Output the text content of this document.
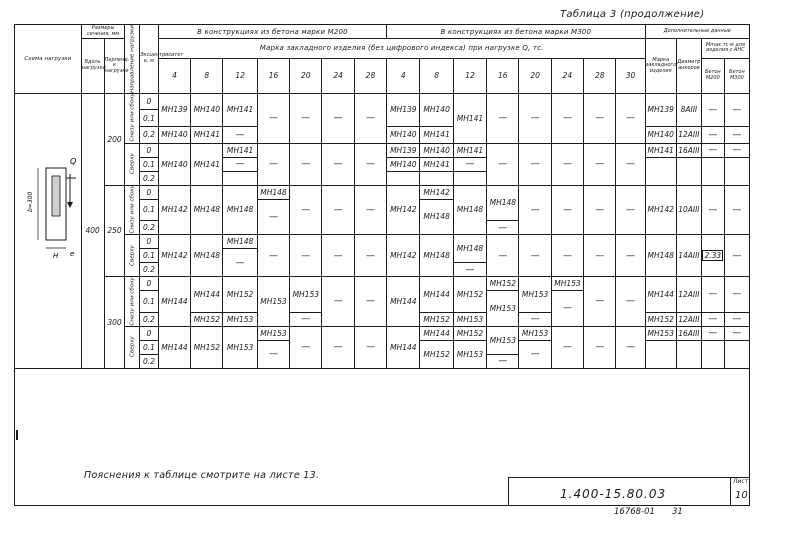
Таблица 3 (продолжение)
Схема нагрузки	Размеры сечения, мм		Направление нагрузки	Эксцентриситет е, м	В конструкциях из бетона марки М200							В конструкциях из бетона марки М300								Дополнительные данные			
	Вдоль нагрузки	Перпенд. к нагрузке			Марка закладного изделия (без цифрового индекса) при нагрузке Q, тс.															Марка закладного изделия	Диаметр анкеров	Mmax тс·м для изделия с АНС	
					4	8	12	16	20	24	28	4	8	12	16	20	24	28	30			Бетон М200	Бетон М300
	400	200	Снизу или сбоку	0	МН139	МН140	МН141	—	—	—	—	МН139	МН140	МН141	—	—	—	—	—	МН139	8АIII	—	—
				0.1																			
				0.2	МН140	МН141	—					МН140	МН141							МН140	12АIII	—	—
			Сверху	0	МН140	МН141	МН141	—	—	—	—	МН139	МН140	МН141	—	—	—	—	—	МН141	16АIII	—	—
				0.1			—					МН140	МН141	—									
				0.2																			
		250	Снизу или сбоку	0	МН142	МН148	МН148	МН148	—	—	—	МН142	МН142	МН148	МН148	—	—	—	—	МН142	10АIII	—	—
				0.1				—					МН148										
				0.2											—								
			Сверху	0	МН142	МН148	МН148	—	—	—	—	МН142	МН148	МН148	—	—	—	—	—	МН148	14АIII	2.33	—
				0.1			—																
				0.2										—									
		300	Снизу или сбоку	0	МН144	МН144	МН152	МН153	МН153	—	—	МН144	МН144	МН152	МН152	МН153	МН153	—	—	МН144	12АIII	—	—
				0.1											МН153		—						
				0.2		МН152	МН153		—				МН152	МН153		—				МН152	12АIII	—	—
			Сверху	0	МН144	МН152	МН153	МН153	—	—	—	МН144	МН144	МН152	МН153	МН153	—	—	—	МН153	16АIII	—	—
				0.1				—					МН152	МН153		—							
				0.2											—								
Q
b=300
H e
Пояснения к таблице смотрите на листе 13.
1.400-15.80.03
Лист
10
16768-01 31
